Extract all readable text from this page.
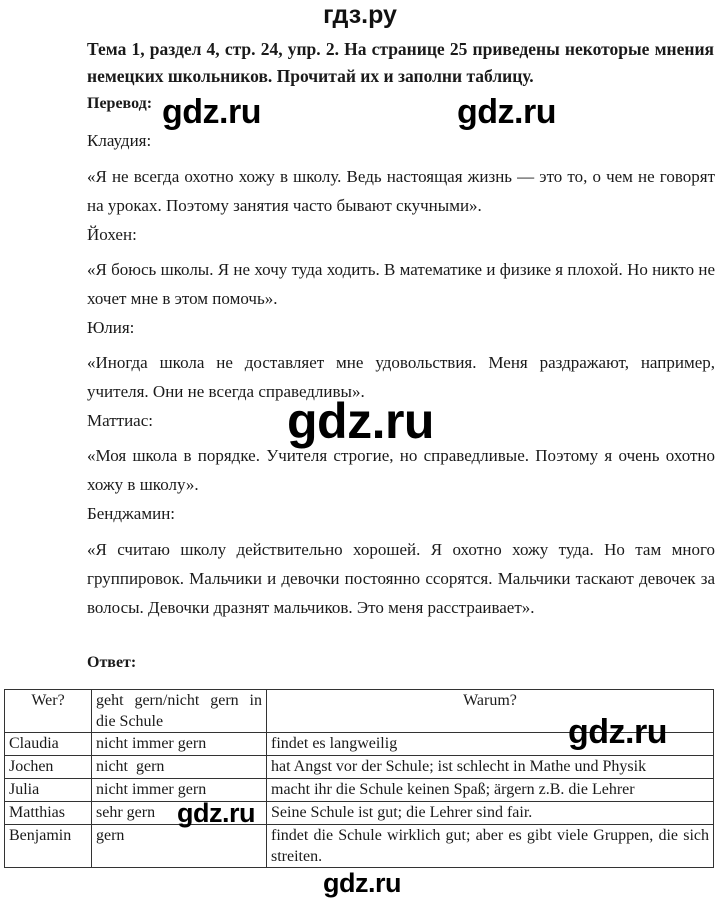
гдз.ру
Тема 1, раздел 4, стр. 24, упр. 2. На странице 25 приведены некоторые мнения немецких школьников. Прочитай их и заполни таблицу.
Перевод:
Клаудия:
«Я не всегда охотно хожу в школу. Ведь настоящая жизнь — это то, о чем не говорят на уроках. Поэтому занятия часто бывают скучными».
Йохен:
«Я боюсь школы. Я не хочу туда ходить. В математике и физике я плохой. Но никто не хочет мне в этом помочь».
Юлия:
«Иногда школа не доставляет мне удовольствия. Меня раздражают, например, учителя. Они не всегда справедливы».
Маттиас:
«Моя школа в порядке. Учителя строгие, но справедливые. Поэтому я очень охотно хожу в школу».
Бенджамин:
«Я считаю школу действительно хорошей. Я охотно хожу туда. Но там много группировок. Мальчики и девочки постоянно ссорятся. Мальчики таскают девочек за волосы. Девочки дразнят мальчиков. Это меня расстраивает».
Ответ:
Wer?	geht gern/nicht gern in die Schule	Warum?
Claudia	nicht immer gern	findet es langweilig
Jochen	nicht  gern	hat Angst vor der Schule; ist schlecht in Mathe und Physik
Julia	nicht immer gern	macht ihr die Schule keinen Spaß; ärgern z.B. die Lehrer
Matthias	sehr gern	Seine Schule ist gut; die Lehrer sind fair.
Benjamin	gern	findet die Schule wirklich gut; aber es gibt viele Gruppen, die sich streiten.
gdz.ru	gdz.ru
gdz.ru
gdz.ru
gdz.ru
gdz.ru
